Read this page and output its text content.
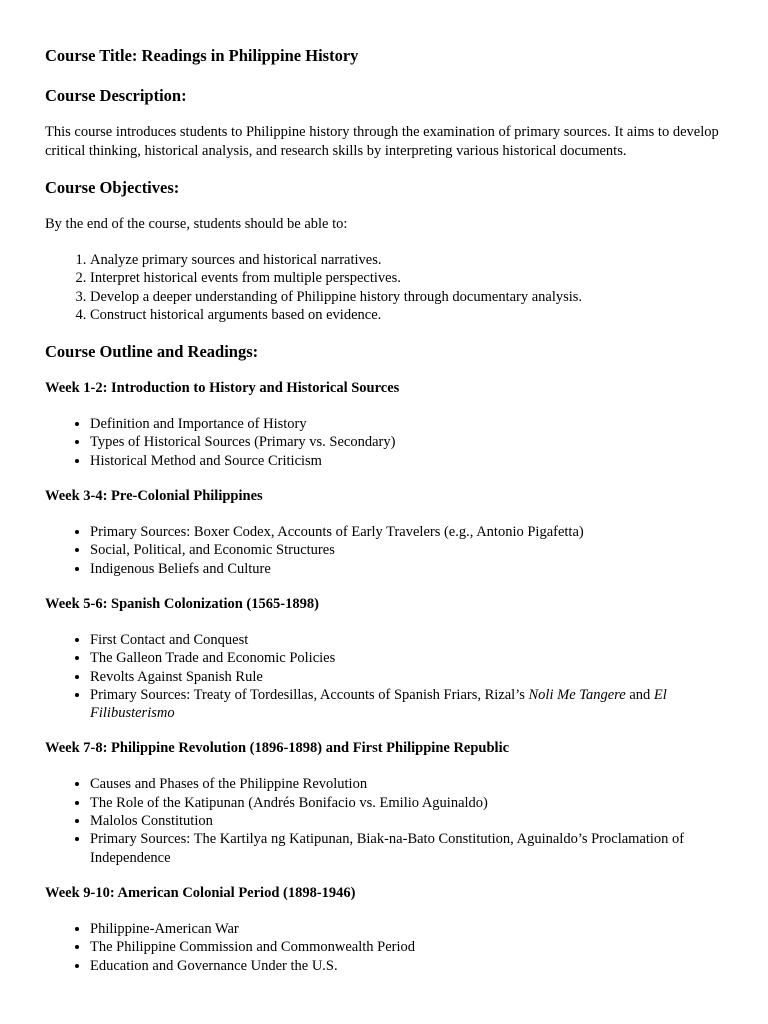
Course Title: Readings in Philippine History
Course Description:

This course introduces students to Philippine history through the examination of primary sources. It aims to develop critical thinking, historical analysis, and research skills by interpreting various historical documents.

Course Objectives:

By the end of the course, students should be able to:

1. Analyze primary sources and historical narratives.
2. Interpret historical events from multiple perspectives.
3. Develop a deeper understanding of Philippine history through documentary analysis.
4. Construct historical arguments based on evidence.
Course Outline and Readings:
Week 1-2: Introduction to History and Historical Sources
• Definition and Importance of History
• Types of Historical Sources (Primary vs. Secondary)
• Historical Method and Source Criticism
Week 3-4: Pre-Colonial Philippines
• Primary Sources: Boxer Codex, Accounts of Early Travelers (e.g., Antonio Pigafetta)
• Social, Political, and Economic Structures
• Indigenous Beliefs and Culture
Week 5-6: Spanish Colonization (1565-1898)
• First Contact and Conquest
• The Galleon Trade and Economic Policies
• Revolts Against Spanish Rule
• Primary Sources: Treaty of Tordesillas, Accounts of Spanish Friars, Rizal’s Noli Me Tangere and El Filibusterismo
Week 7-8: Philippine Revolution (1896-1898) and First Philippine Republic
• Causes and Phases of the Philippine Revolution
• The Role of the Katipunan (Andrés Bonifacio vs. Emilio Aguinaldo)
• Malolos Constitution
• Primary Sources: The Kartilya ng Katipunan, Biak-na-Bato Constitution, Aguinaldo’s Proclamation of Independence
Week 9-10: American Colonial Period (1898-1946)
• Philippine-American War
• The Philippine Commission and Commonwealth Period
• Education and Governance Under the U.S.
